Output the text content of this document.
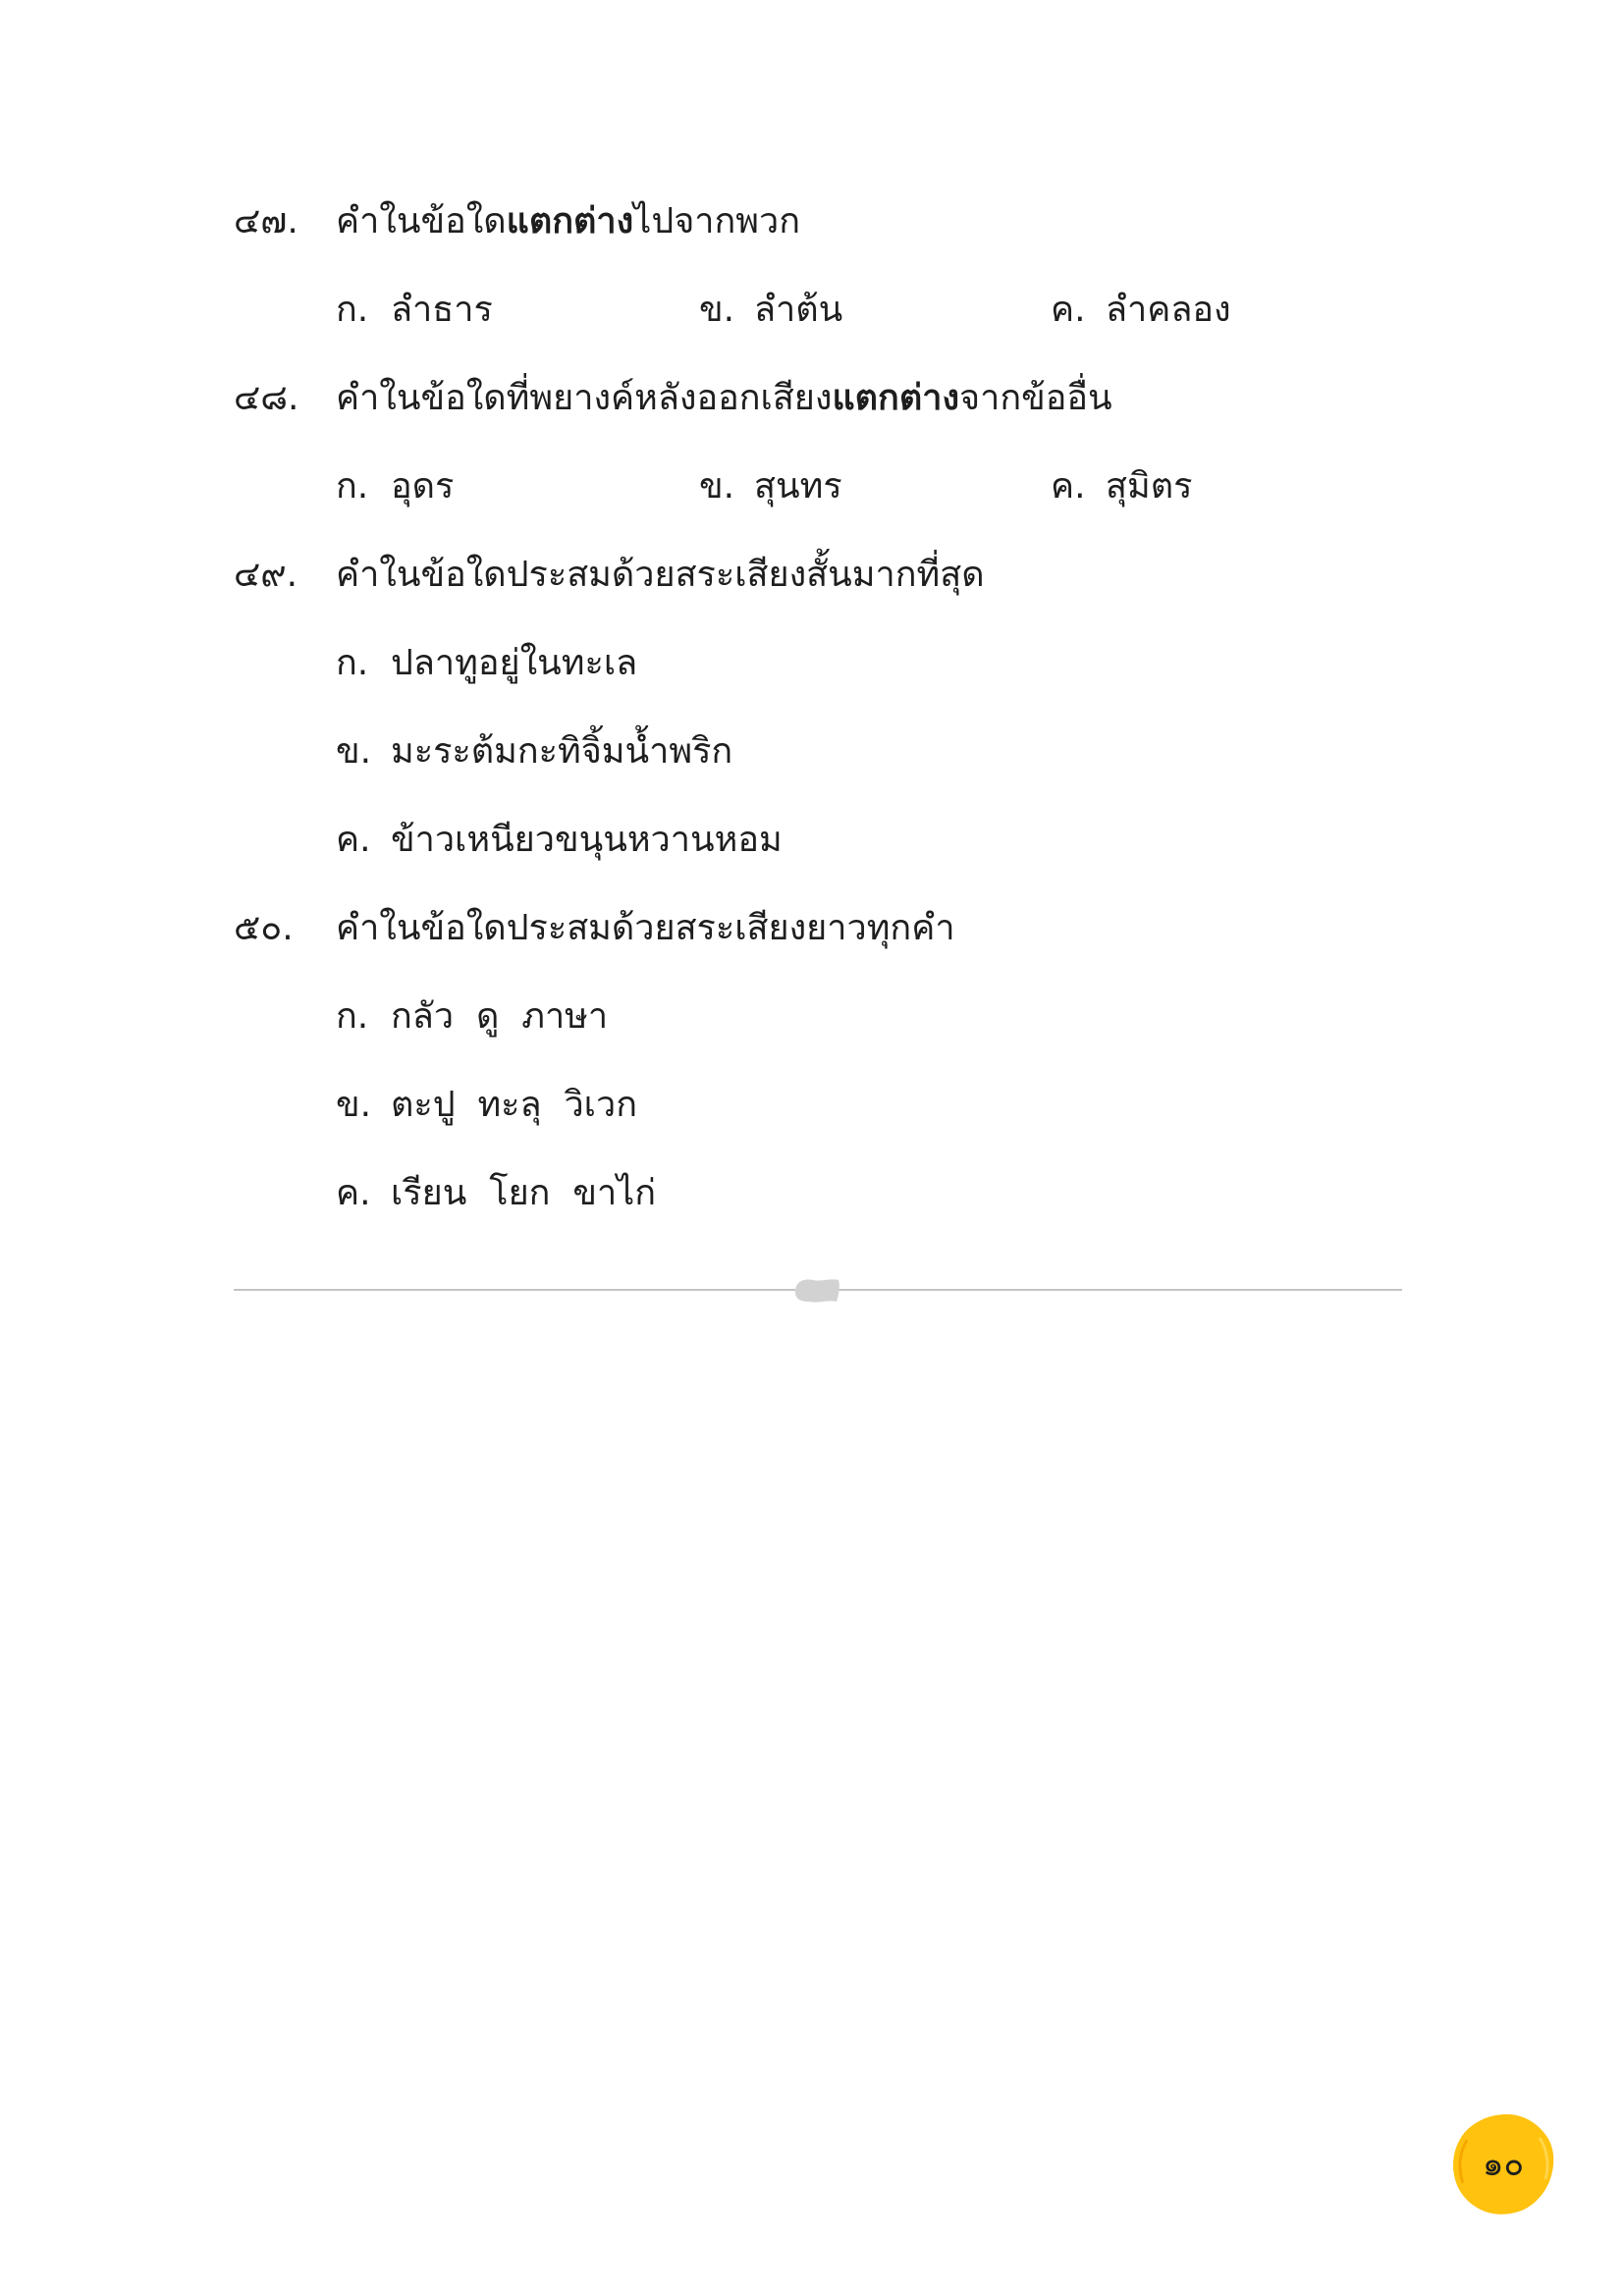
๔๗. คำในข้อใดแตกต่างไปจากพวก
ก. ลำธาร	ข. ลำต้น	ค. ลำคลอง
๔๘. คำในข้อใดที่พยางค์หลังออกเสียงแตกต่างจากข้ออื่น
ก. อุดร	ข. สุนทร	ค. สุมิตร
๔๙. คำในข้อใดประสมด้วยสระเสียงสั้นมากที่สุด
ก. ปลาทูอยู่ในทะเล
ข. มะระต้มกะทิจิ้มน้ำพริก
ค. ข้าวเหนียวขนุนหวานหอม
๕๐. คำในข้อใดประสมด้วยสระเสียงยาวทุกคำ
ก. กลัว  ดู  ภาษา
ข. ตะปู  ทะลุ  วิเวก
ค. เรียน  โยก  ขาไก่
๑๐
